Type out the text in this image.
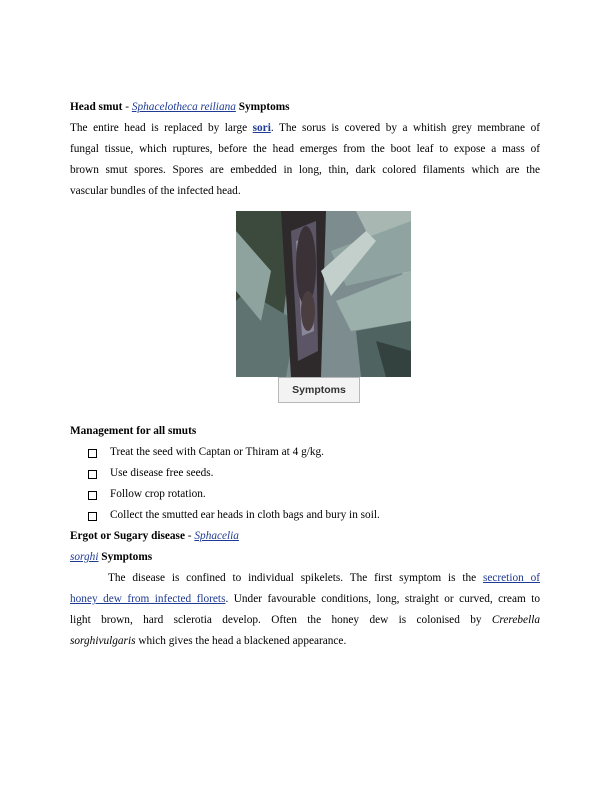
Head smut - Sphacelotheca reiliana Symptoms
The entire head is replaced by large sori. The sorus is covered by a whitish grey membrane of
fungal tissue, which ruptures, before the head emerges from the boot leaf to expose a mass of
brown smut spores. Spores are embedded in long, thin, dark colored filaments which are the
vascular bundles of the infected head.
Symptoms
Management for all smuts
Treat the seed with Captan or Thiram at 4 g/kg.
Use disease free seeds.
Follow crop rotation.
Collect the smutted ear heads in cloth bags and bury in soil.
Ergot or Sugary disease - Sphacelia
sorghi Symptoms
The disease is confined to individual spikelets. The first symptom is the secretion of
honey dew from infected florets. Under favourable conditions, long, straight or curved, cream to
light brown, hard sclerotia develop. Often the honey dew is colonised by Crerebella
sorghivulgaris which gives the head a blackened appearance.
